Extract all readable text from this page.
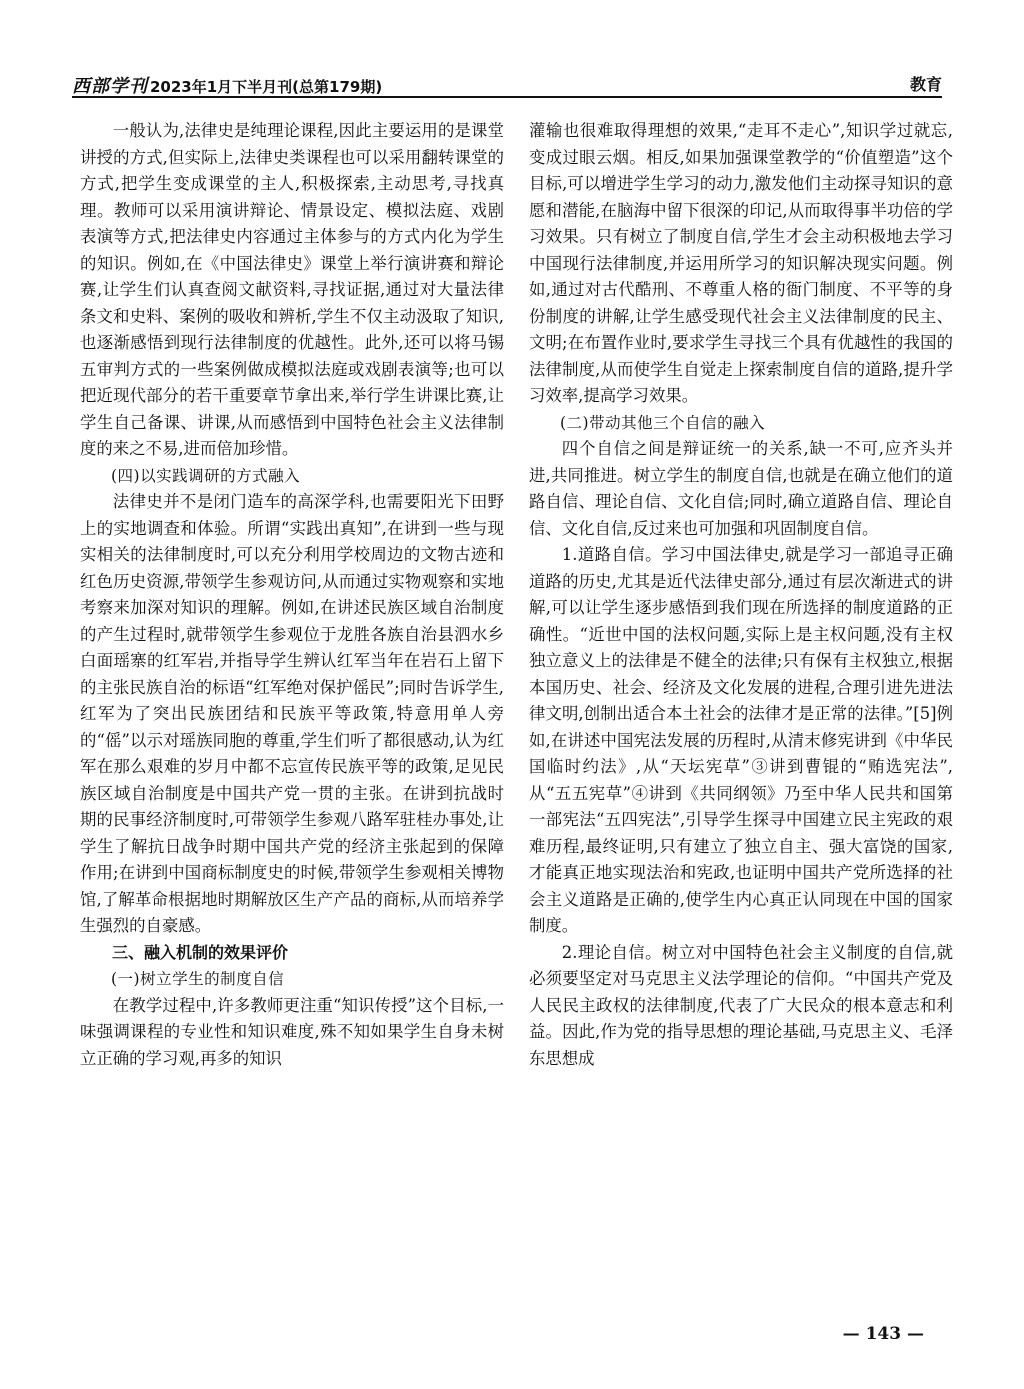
西部学刊 2023年1月下半月刊(总第179期)	教育

一般认为,法律史是纯理论课程,因此主要运用的是课堂讲授的方式,但实际上,法律史类课程也可以采用翻转课堂的方式,把学生变成课堂的主人,积极探索,主动思考,寻找真理。教师可以采用演讲辩论、情景设定、模拟法庭、戏剧表演等方式,把法律史内容通过主体参与的方式内化为学生的知识。例如,在《中国法律史》课堂上举行演讲赛和辩论赛,让学生们认真查阅文献资料,寻找证据,通过对大量法律条文和史料、案例的吸收和辨析,学生不仅主动汲取了知识,也逐渐感悟到现行法律制度的优越性。此外,还可以将马锡五审判方式的一些案例做成模拟法庭或戏剧表演等;也可以把近现代部分的若干重要章节拿出来,举行学生讲课比赛,让学生自己备课、讲课,从而感悟到中国特色社会主义法律制度的来之不易,进而倍加珍惜。

(四)以实践调研的方式融入

法律史并不是闭门造车的高深学科,也需要阳光下田野上的实地调查和体验。所谓“实践出真知”,在讲到一些与现实相关的法律制度时,可以充分利用学校周边的文物古迹和红色历史资源,带领学生参观访问,从而通过实物观察和实地考察来加深对知识的理解。例如,在讲述民族区域自治制度的产生过程时,就带领学生参观位于龙胜各族自治县泗水乡白面瑶寨的红军岩,并指导学生辨认红军当年在岩石上留下的主张民族自治的标语“红军绝对保护傜民”;同时告诉学生,红军为了突出民族团结和民族平等政策,特意用单人旁的“傜”以示对瑶族同胞的尊重,学生们听了都很感动,认为红军在那么艰难的岁月中都不忘宣传民族平等的政策,足见民族区域自治制度是中国共产党一贯的主张。在讲到抗战时期的民事经济制度时,可带领学生参观八路军驻桂办事处,让学生了解抗日战争时期中国共产党的经济主张起到的保障作用;在讲到中国商标制度史的时候,带领学生参观相关博物馆,了解革命根据地时期解放区生产产品的商标,从而培养学生强烈的自豪感。

三、融入机制的效果评价

(一)树立学生的制度自信

在教学过程中,许多教师更注重“知识传授”这个目标,一味强调课程的专业性和知识难度,殊不知如果学生自身未树立正确的学习观,再多的知识

灌输也很难取得理想的效果,“走耳不走心”,知识学过就忘,变成过眼云烟。相反,如果加强课堂教学的“价值塑造”这个目标,可以增进学生学习的动力,激发他们主动探寻知识的意愿和潜能,在脑海中留下很深的印记,从而取得事半功倍的学习效果。只有树立了制度自信,学生才会主动积极地去学习中国现行法律制度,并运用所学习的知识解决现实问题。例如,通过对古代酷刑、不尊重人格的衙门制度、不平等的身份制度的讲解,让学生感受现代社会主义法律制度的民主、文明;在布置作业时,要求学生寻找三个具有优越性的我国的法律制度,从而使学生自觉走上探索制度自信的道路,提升学习效率,提高学习效果。

(二)带动其他三个自信的融入

四个自信之间是辩证统一的关系,缺一不可,应齐头并进,共同推进。树立学生的制度自信,也就是在确立他们的道路自信、理论自信、文化自信;同时,确立道路自信、理论自信、文化自信,反过来也可加强和巩固制度自信。

1.道路自信。学习中国法律史,就是学习一部追寻正确道路的历史,尤其是近代法律史部分,通过有层次渐进式的讲解,可以让学生逐步感悟到我们现在所选择的制度道路的正确性。“近世中国的法权问题,实际上是主权问题,没有主权独立意义上的法律是不健全的法律;只有保有主权独立,根据本国历史、社会、经济及文化发展的进程,合理引进先进法律文明,创制出适合本土社会的法律才是正常的法律。”[5]例如,在讲述中国宪法发展的历程时,从清末修宪讲到《中华民国临时约法》,从“天坛宪草”③讲到曹锟的“贿选宪法”,从“五五宪草”④讲到《共同纲领》乃至中华人民共和国第一部宪法“五四宪法”,引导学生探寻中国建立民主宪政的艰难历程,最终证明,只有建立了独立自主、强大富饶的国家,才能真正地实现法治和宪政,也证明中国共产党所选择的社会主义道路是正确的,使学生内心真正认同现在中国的国家制度。

2.理论自信。树立对中国特色社会主义制度的自信,就必须要坚定对马克思主义法学理论的信仰。“中国共产党及人民民主政权的法律制度,代表了广大民众的根本意志和利益。因此,作为党的指导思想的理论基础,马克思主义、毛泽东思想成

— 143 —
